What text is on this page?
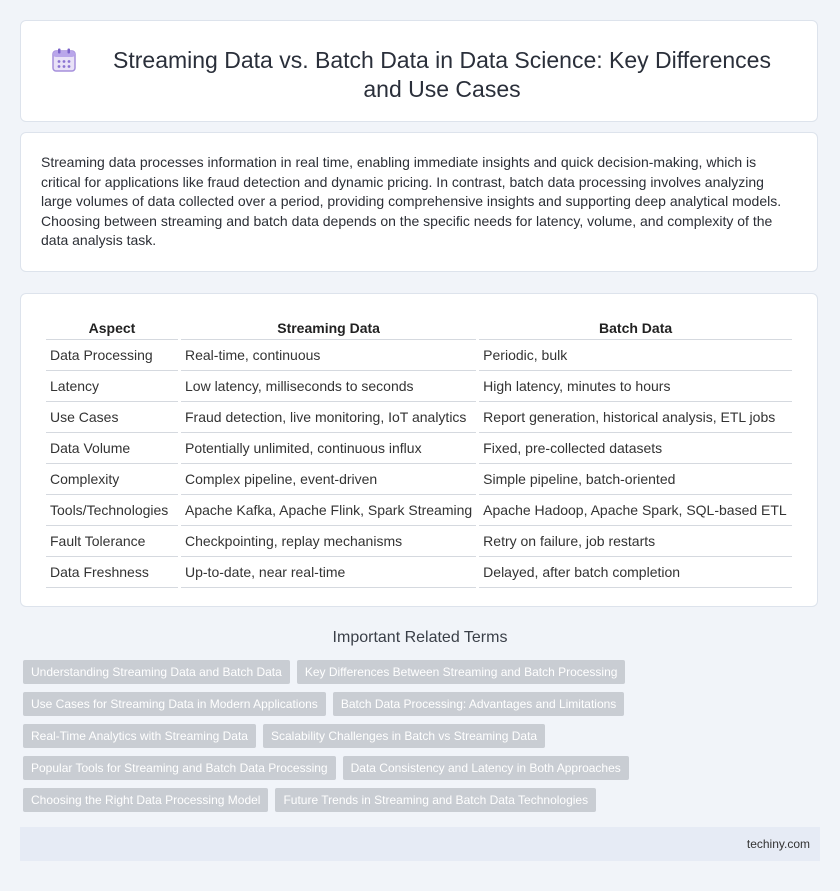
Streaming Data vs. Batch Data in Data Science: Key Differences and Use Cases

Streaming data processes information in real time, enabling immediate insights and quick decision-making, which is critical for applications like fraud detection and dynamic pricing. In contrast, batch data processing involves analyzing large volumes of data collected over a period, providing comprehensive insights and supporting deep analytical models. Choosing between streaming and batch data depends on the specific needs for latency, volume, and complexity of the data analysis task.

Aspect	Streaming Data	Batch Data
Data Processing	Real-time, continuous	Periodic, bulk
Latency	Low latency, milliseconds to seconds	High latency, minutes to hours
Use Cases	Fraud detection, live monitoring, IoT analytics	Report generation, historical analysis, ETL jobs
Data Volume	Potentially unlimited, continuous influx	Fixed, pre-collected datasets
Complexity	Complex pipeline, event-driven	Simple pipeline, batch-oriented
Tools/Technologies	Apache Kafka, Apache Flink, Spark Streaming	Apache Hadoop, Apache Spark, SQL-based ETL
Fault Tolerance	Checkpointing, replay mechanisms	Retry on failure, job restarts
Data Freshness	Up-to-date, near real-time	Delayed, after batch completion
Important Related Terms
Understanding Streaming Data and Batch Data	Key Differences Between Streaming and Batch Processing
Use Cases for Streaming Data in Modern Applications	Batch Data Processing: Advantages and Limitations
Real-Time Analytics with Streaming Data	Scalability Challenges in Batch vs Streaming Data
Popular Tools for Streaming and Batch Data Processing	Data Consistency and Latency in Both Approaches
Choosing the Right Data Processing Model	Future Trends in Streaming and Batch Data Technologies
techiny.com
